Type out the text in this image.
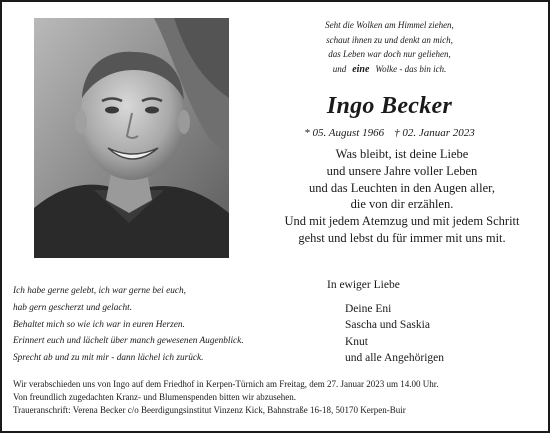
Seht die Wolken am Himmel ziehen,
schaut ihnen zu und denkt an mich,
das Leben war doch nur geliehen,
und eine Wolke - das bin ich.
Ingo Becker
* 05. August 1966 † 02. Januar 2023
Was bleibt, ist deine Liebe
und unsere Jahre voller Leben
und das Leuchten in den Augen aller,
die von dir erzählen.
Und mit jedem Atemzug und mit jedem Schritt
gehst und lebst du für immer mit uns mit.
In ewiger Liebe
Deine Eni
Sascha und Saskia
Knut
und alle Angehörigen
Ich habe gerne gelebt, ich war gerne bei euch,
hab gern gescherzt und gelacht.
Behaltet mich so wie ich war in euren Herzen.
Erinnert euch und lächelt über manch gewesenen Augenblick.
Sprecht ab und zu mit mir - dann lächel ich zurück.
Wir verabschieden uns von Ingo auf dem Friedhof in Kerpen-Türnich am Freitag, dem 27. Januar 2023 um 14.00 Uhr.
Von freundlich zugedachten Kranz- und Blumenspenden bitten wir abzusehen.
Traueranschrift: Verena Becker c/o Beerdigungsinstitut Vinzenz Kick, Bahnstraße 16-18, 50170 Kerpen-Buir
